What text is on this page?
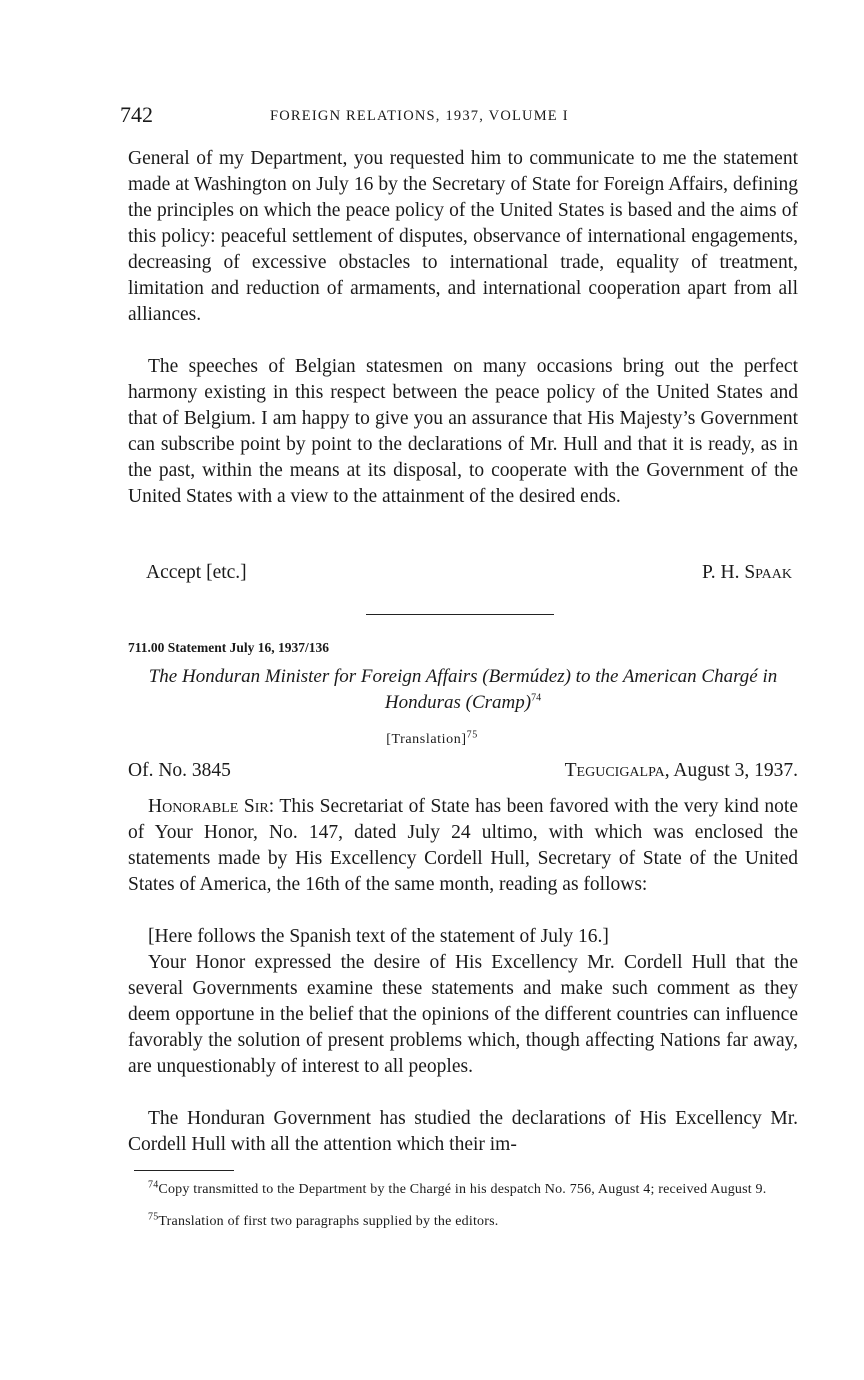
742	FOREIGN RELATIONS, 1937, VOLUME I

General of my Department, you requested him to communicate to me the statement made at Washington on July 16 by the Secretary of State for Foreign Affairs, defining the principles on which the peace policy of the United States is based and the aims of this policy: peaceful settlement of disputes, observance of international engagements, decreasing of excessive obstacles to international trade, equality of treatment, limitation and reduction of armaments, and international cooperation apart from all alliances.

The speeches of Belgian statesmen on many occasions bring out the perfect harmony existing in this respect between the peace policy of the United States and that of Belgium. I am happy to give you an assurance that His Majesty’s Government can subscribe point by point to the declarations of Mr. Hull and that it is ready, as in the past, within the means at its disposal, to cooperate with the Government of the United States with a view to the attainment of the desired ends.

Accept [etc.]	P. H. Spaak
711.00 Statement July 16, 1937/136
The Honduran Minister for Foreign Affairs (Bermúdez) to the American Chargé in Honduras (Cramp)$^{74}$
[Translation]$^{75}$
Of. No. 3845	Tegucigalpa, August 3, 1937.

Honorable Sir: This Secretariat of State has been favored with the very kind note of Your Honor, No. 147, dated July 24 ultimo, with which was enclosed the statements made by His Excellency Cordell Hull, Secretary of State of the United States of America, the 16th of the same month, reading as follows:

[Here follows the Spanish text of the statement of July 16.]

Your Honor expressed the desire of His Excellency Mr. Cordell Hull that the several Governments examine these statements and make such comment as they deem opportune in the belief that the opinions of the different countries can influence favorably the solution of present problems which, though affecting Nations far away, are unquestionably of interest to all peoples.

The Honduran Government has studied the declarations of His Excellency Mr. Cordell Hull with all the attention which their im-

$^{74}$Copy transmitted to the Department by the Chargé in his despatch No. 756, August 4; received August 9.
$^{75}$Translation of first two paragraphs supplied by the editors.
